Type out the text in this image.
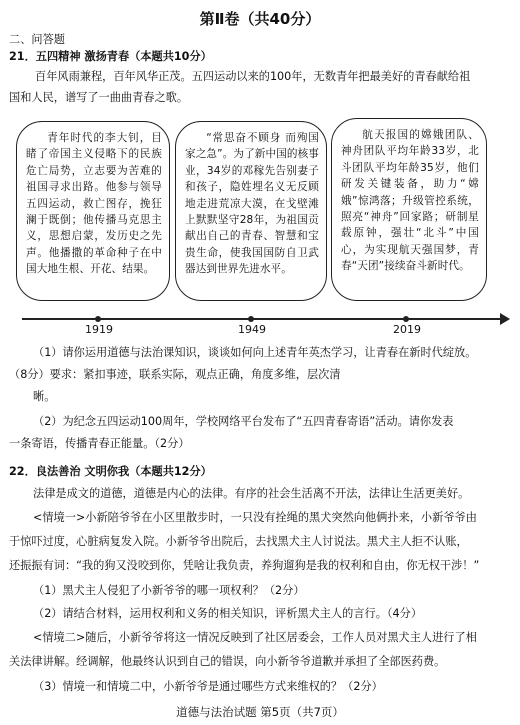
第Ⅱ卷（共40分）
二、问答题
21．五四精神 激扬青春（本题共10分）
百年风雨兼程，百年风华正茂。五四运动以来的100年，无数青年把最美好的青春献给祖
国和人民，谱写了一曲曲青春之歌。
青年时代的李大钊，目睹了帝国主义侵略下的民族危亡局势，立志要为苦难的祖国寻求出路。他参与领导五四运动，救亡图存，挽狂澜于既倒；他传播马克思主义，思想启蒙，发历史之先声。他播撒的革命种子在中国大地生根、开花、结果。
“常思奋不顾身 而殉国家之急”。为了新中国的核事业，34岁的邓稼先告别妻子和孩子，隐姓埋名义无反顾地走进荒凉大漠，在戈壁滩上默默坚守28年，为祖国贡献出自己的青春、智慧和宝贵生命，使我国国防自卫武器达到世界先进水平。
航天报国的嫦娥团队、神舟团队平均年龄33岁，北斗团队平均年龄35岁，他们研发关键装备，助力“嫦娥”惊鸿落；升级管控系统，照亮“神舟”回家路；研制星载原钟，强壮“北斗”中国心，为实现航天强国梦，青春“天团”接续奋斗新时代。
1919	1949	2019
（1）请你运用道德与法治课知识，谈谈如何向上述青年英杰学习，让青春在新时代绽放。
（8分）要求：紧扣事迹，联系实际，观点正确，角度多维，层次清
晰。
（2）为纪念五四运动100周年，学校网络平台发布了“五四青春寄语”活动。请你发表
一条寄语，传播青春正能量。（2分）
22．良法善治 文明你我（本题共12分）
法律是成文的道德，道德是内心的法律。有序的社会生活离不开法，法律让生活更美好。
<情境一>小新陪爷爷在小区里散步时，一只没有拴绳的黑犬突然向他俩扑来，小新爷爷由
于惊吓过度，心脏病复发入院。小新爷爷出院后，去找黑犬主人讨说法。黑犬主人拒不认账，
还振振有词：“我的狗又没咬到你，凭啥让我负责，养狗遛狗是我的权利和自由，你无权干涉！”
（1）黑犬主人侵犯了小新爷爷的哪一项权利？（2分）
（2）请结合材料，运用权利和义务的相关知识，评析黑犬主人的言行。（4分）
<情境二>随后，小新爷爷将这一情况反映到了社区居委会，工作人员对黑犬主人进行了相
关法律讲解。经调解，他最终认识到自己的错误，向小新爷爷道歉并承担了全部医药费。
（3）情境一和情境二中，小新爷爷是通过哪些方式来维权的？（2分）
道德与法治试题 第5页（共7页）
